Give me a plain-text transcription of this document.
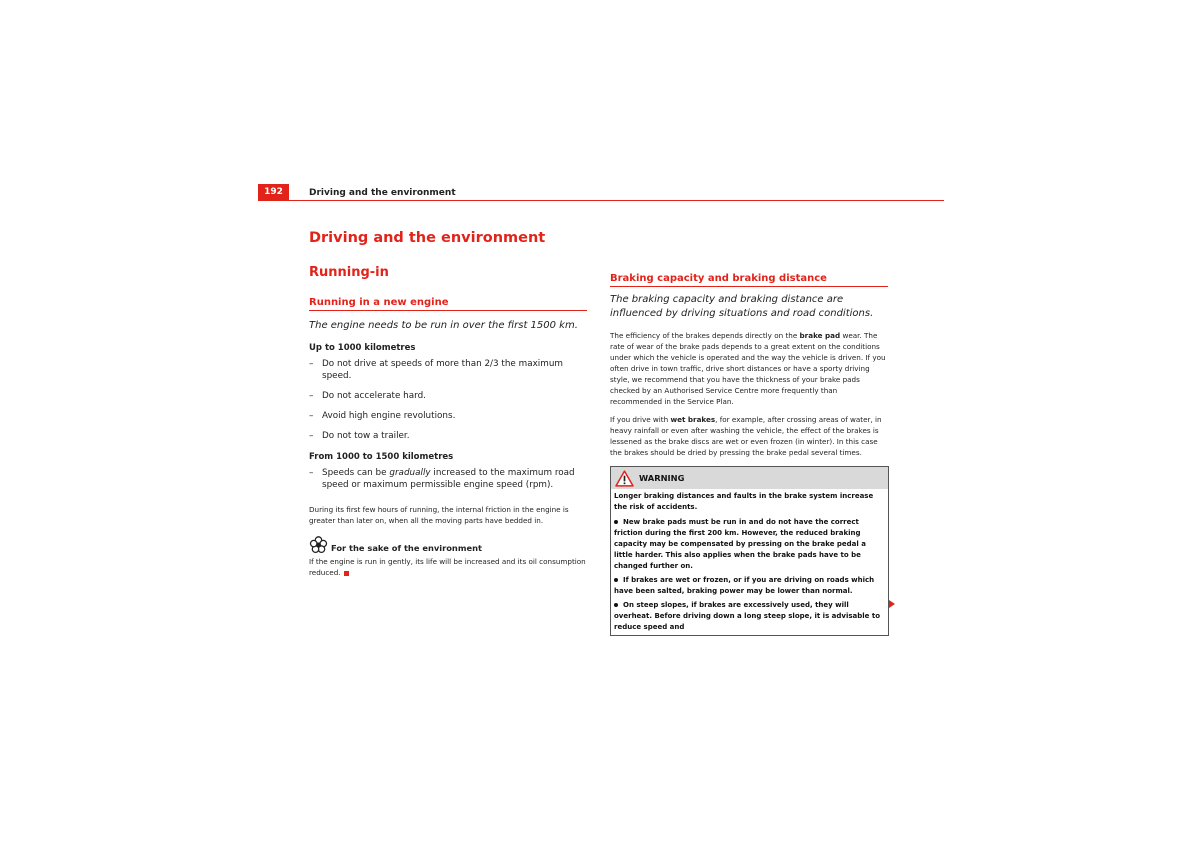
192	Driving and the environment
Driving and the environment
Running-in
Running in a new engine

The engine needs to be run in over the first 1500 km.

Up to 1000 kilometres

– Do not drive at speeds of more than 2/3 the maximum speed.
– Do not accelerate hard.
– Avoid high engine revolutions.
– Do not tow a trailer.

From 1000 to 1500 kilometres

– Speeds can be gradually increased to the maximum road speed or maximum permissible engine speed (rpm).

During its first few hours of running, the internal friction in the engine is greater than later on, when all the moving parts have bedded in.

For the sake of the environment

If the engine is run in gently, its life will be increased and its oil consumption reduced.

Braking capacity and braking distance

The braking capacity and braking distance are influenced by driving situations and road conditions.

The efficiency of the brakes depends directly on the brake pad wear. The rate of wear of the brake pads depends to a great extent on the conditions under which the vehicle is operated and the way the vehicle is driven. If you often drive in town traffic, drive short distances or have a sporty driving style, we recommend that you have the thickness of your brake pads checked by an Authorised Service Centre more frequently than recommended in the Service Plan.

If you drive with wet brakes, for example, after crossing areas of water, in heavy rainfall or even after washing the vehicle, the effect of the brakes is lessened as the brake discs are wet or even frozen (in winter). In this case the brakes should be dried by pressing the brake pedal several times.

WARNING

Longer braking distances and faults in the brake system increase the risk of accidents.

New brake pads must be run in and do not have the correct friction during the first 200 km. However, the reduced braking capacity may be compensated by pressing on the brake pedal a little harder. This also applies when the brake pads have to be changed further on.

If brakes are wet or frozen, or if you are driving on roads which have been salted, braking power may be lower than normal.

On steep slopes, if brakes are excessively used, they will overheat. Before driving down a long steep slope, it is advisable to reduce speed and
